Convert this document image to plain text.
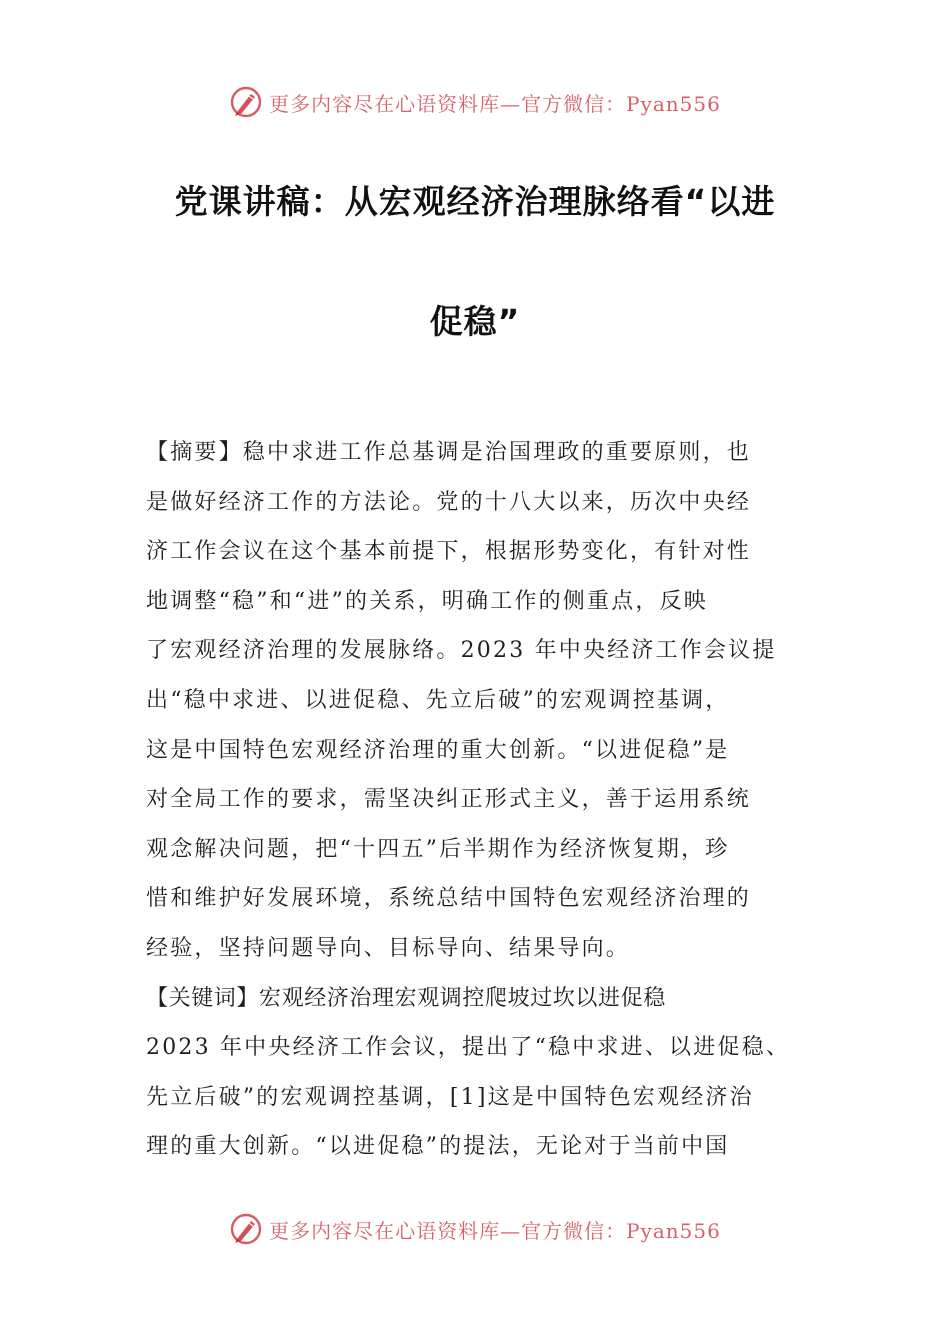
更多内容尽在心语资料库—官方微信：Pyan556
党课讲稿：从宏观经济治理脉络看“以进
促稳”
【摘要】稳中求进工作总基调是治国理政的重要原则，也
是做好经济工作的方法论。党的十八大以来，历次中央经
济工作会议在这个基本前提下，根据形势变化，有针对性
地调整“稳”和“进”的关系，明确工作的侧重点，反映
了宏观经济治理的发展脉络。2023 年中央经济工作会议提
出“稳中求进、以进促稳、先立后破”的宏观调控基调，
这是中国特色宏观经济治理的重大创新。“以进促稳”是
对全局工作的要求，需坚决纠正形式主义，善于运用系统
观念解决问题，把“十四五”后半期作为经济恢复期，珍
惜和维护好发展环境，系统总结中国特色宏观经济治理的
经验，坚持问题导向、目标导向、结果导向。
【关键词】宏观经济治理宏观调控爬坡过坎以进促稳
2023 年中央经济工作会议，提出了“稳中求进、以进促稳、
先立后破”的宏观调控基调，[1]这是中国特色宏观经济治
理的重大创新。“以进促稳”的提法，无论对于当前中国
更多内容尽在心语资料库—官方微信：Pyan556
